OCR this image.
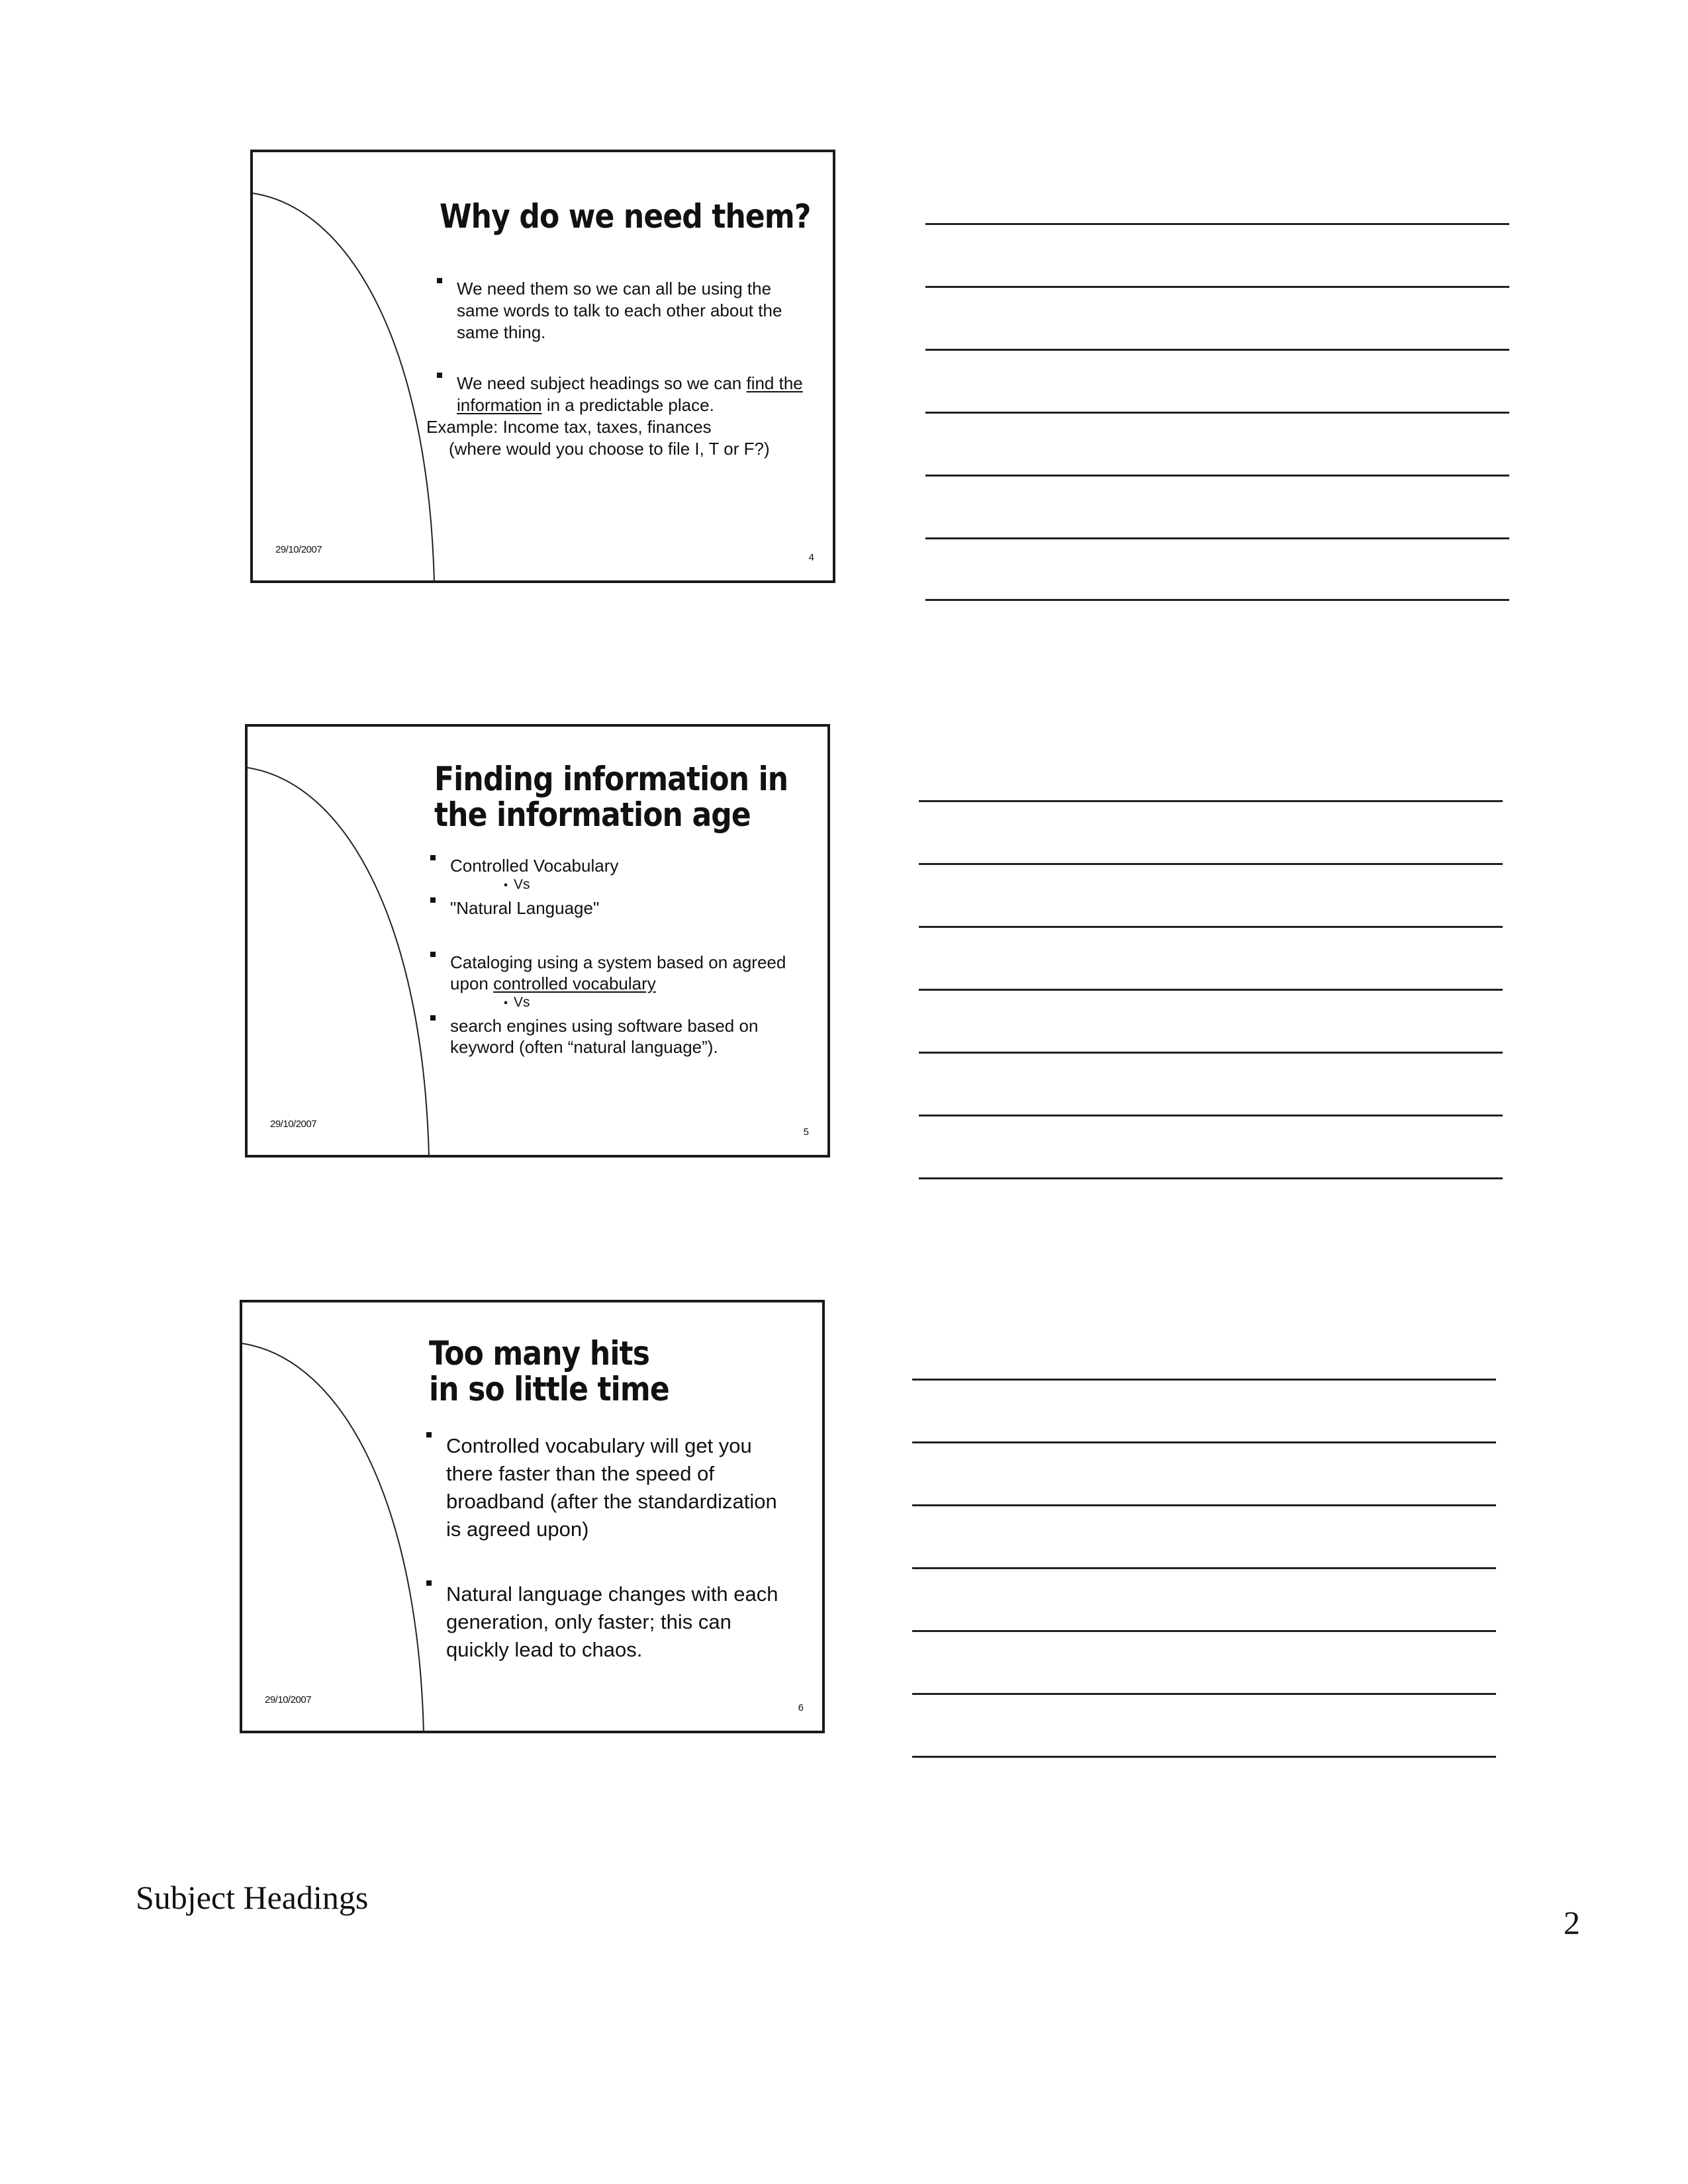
Why do we need them?
We need them so we can all be using the same words to talk to each other about the same thing.
We need subject headings so we can find the information in a predictable place.
Example: Income tax, taxes, finances
(where would you choose to file I, T or F?)
29/10/2007
4
Finding information in
the information age
Controlled Vocabulary
Vs
"Natural Language"
Cataloging using a system based on agreed upon controlled vocabulary
Vs
search engines using software based on keyword (often “natural language”).
29/10/2007
5
Too many hits
in so little time
Controlled vocabulary will get you there faster than the speed of broadband (after the standardization is agreed upon)
Natural language changes with each generation, only faster; this can quickly lead to chaos.
29/10/2007
6
Subject Headings
2
